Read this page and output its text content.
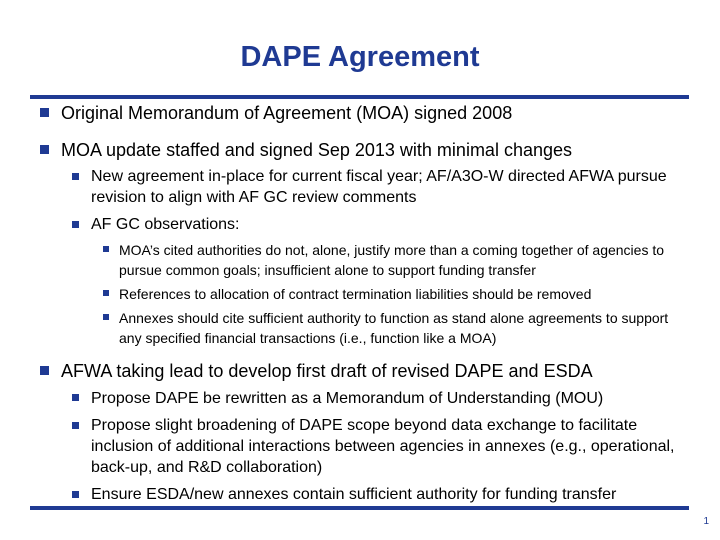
DAPE Agreement
Original Memorandum of Agreement (MOA) signed 2008
MOA update staffed and signed Sep 2013 with minimal changes
New agreement in-place for current fiscal year; AF/A3O-W directed AFWA pursue revision to align with AF GC review comments
AF GC observations:
MOA’s cited authorities do not, alone, justify more than a coming together of agencies to pursue common goals; insufficient alone to support funding transfer
References to allocation of contract termination liabilities should be removed
Annexes should cite sufficient authority to function as stand alone agreements to support any specified financial transactions (i.e., function like a MOA)
AFWA taking lead to develop first draft of revised DAPE and ESDA
Propose DAPE be rewritten as a Memorandum of Understanding (MOU)
Propose slight broadening of DAPE scope beyond data exchange to facilitate inclusion of additional interactions between agencies in annexes (e.g., operational, back-up, and R&D collaboration)
Ensure ESDA/new annexes contain sufficient authority for funding transfer
1
